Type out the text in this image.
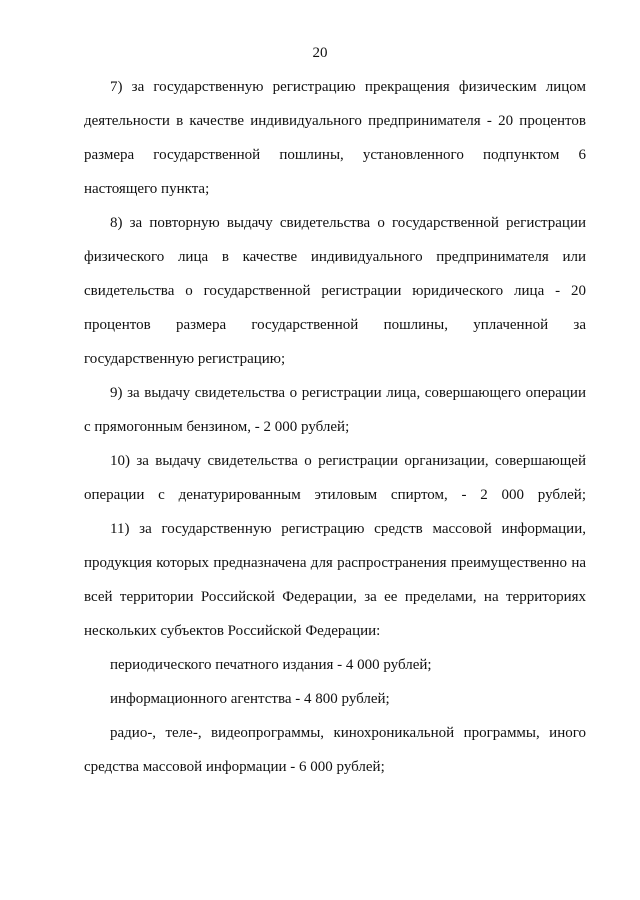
20

7) за государственную регистрацию прекращения физическим лицом деятельности в качестве индивидуального предпринимателя - 20 процентов размера государственной пошлины, установленного подпунктом 6 настоящего пункта;

8) за повторную выдачу свидетельства о государственной регистрации физического лица в качестве индивидуального предпринимателя или свидетельства о государственной регистрации юридического лица - 20 процентов размера государственной пошлины, уплаченной за государственную регистрацию;

9) за выдачу свидетельства о регистрации лица, совершающего операции с прямогонным бензином, - 2 000 рублей;

10) за выдачу свидетельства о регистрации организации, совершающей операции с денатурированным этиловым спиртом, - 2 000 рублей;

11) за государственную регистрацию средств массовой информации, продукция которых предназначена для распространения преимущественно на всей территории Российской Федерации, за ее пределами, на территориях нескольких субъектов Российской Федерации:

периодического печатного издания - 4 000 рублей;

информационного агентства - 4 800 рублей;

радио-, теле-, видеопрограммы, кинохроникальной программы, иного средства массовой информации - 6 000 рублей;
